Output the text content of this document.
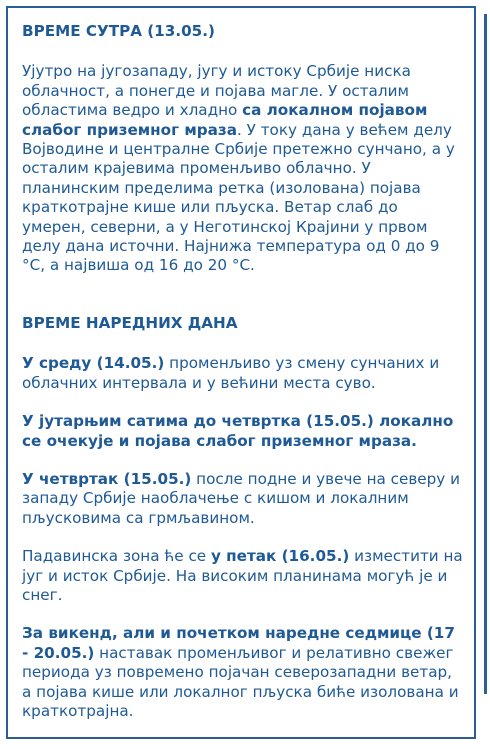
ВРЕМЕ СУТРА (13.05.)

Ујутро на југозападу, југу и истоку Србије ниска облачност, а понегде и појава магле. У осталим областима ведро и хладно са локалном појавом слабог приземног мраза. У току дана у већем делу Војводине и централне Србије претежно сунчано, а у осталим крајевима променљиво облачно. У планинским пределима ретка (изолована) појава краткотрајне кише или пљуска. Ветар слаб до умерен, северни, а у Неготинској Крајини у првом делу дана источни. Најнижа температура од 0 до 9 °C, а највиша од 16 до 20 °C.

ВРЕМЕ НАРЕДНИХ ДАНА

У среду (14.05.) променљиво уз смену сунчаних и облачних интервала и у већини места суво.

У јутарњим сатима до четвртка (15.05.) локално се очекује и појава слабог приземног мраза.

У четвртак (15.05.) после подне и увече на северу и западу Србије наоблачење с кишом и локалним пљусковима са грмљавином.

Падавинска зона ће се у петак (16.05.) изместити на југ и исток Србије. На високим планинама могућ је и снег.

За викенд, али и почетком наредне седмице (17 - 20.05.) наставак променљивог и релативно свежег периода уз повремено појачан северозападни ветар, а појава кише или локалног пљуска биће изолована и краткотрајна.
